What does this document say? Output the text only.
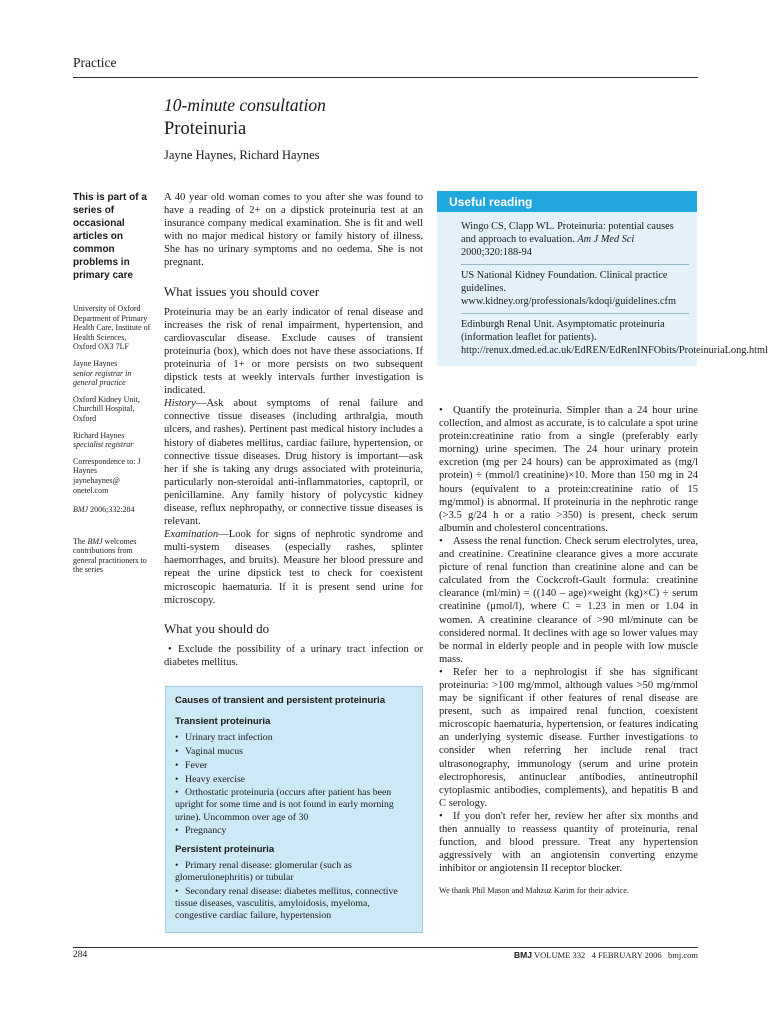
Practice
10-minute consultation
Proteinuria
Jayne Haynes, Richard Haynes
This is part of a series of occasional articles on common problems in primary care
University of Oxford Department of Primary Health Care, Institute of Health Sciences, Oxford OX3 7LF
Jayne Haynes
senior registrar in general practice
Oxford Kidney Unit, Churchill Hospital, Oxford
Richard Haynes
specialist registrar
Correspondence to: J Haynes
jaynehaynes@ onetel.com
BMJ 2006;332:284
The BMJ welcomes contributions from general practitioners to the series

A 40 year old woman comes to you after she was found to have a reading of 2+ on a dipstick proteinuria test at an insurance company medical examination. She is fit and well with no major medical history or family history of illness. She has no urinary symptoms and no oedema. She is not pregnant.

What issues you should cover

Proteinuria may be an early indicator of renal disease and increases the risk of renal impairment, hypertension, and cardiovascular disease. Exclude causes of transient proteinuria (box), which does not have these associations. If proteinuria of 1+ or more persists on two subsequent dipstick tests at weekly intervals further investigation is indicated.

History—Ask about symptoms of renal failure and connective tissue diseases (including arthralgia, mouth ulcers, and rashes). Pertinent past medical history includes a history of diabetes mellitus, cardiac failure, hypertension, or connective tissue diseases. Drug history is important—ask her if she is taking any drugs associated with proteinuria, particularly non-steroidal anti-inflammatories, captopril, or penicillamine. Any family history of polycystic kidney disease, reflux nephropathy, or connective tissue diseases is relevant.

Examination—Look for signs of nephrotic syndrome and multi-system diseases (especially rashes, splinter haemorrhages, and bruits). Measure her blood pressure and repeat the urine dipstick test to check for coexistent microscopic haematuria. If it is present send urine for microscopy.

What you should do

• Exclude the possibility of a urinary tract infection or diabetes mellitus.

Causes of transient and persistent proteinuria
Transient proteinuria
• Urinary tract infection
• Vaginal mucus
• Fever
• Heavy exercise
• Orthostatic proteinuria (occurs after patient has been upright for some time and is not found in early morning urine). Uncommon over age of 30
• Pregnancy
Persistent proteinuria
• Primary renal disease: glomerular (such as glomerulonephritis) or tubular
• Secondary renal disease: diabetes mellitus, connective tissue diseases, vasculitis, amyloidosis, myeloma, congestive cardiac failure, hypertension
Useful reading
Wingo CS, Clapp WL. Proteinuria: potential causes and approach to evaluation. Am J Med Sci 2000;320:188-94
US National Kidney Foundation. Clinical practice guidelines. www.kidney.org/professionals/kdoqi/guidelines.cfm
Edinburgh Renal Unit. Asymptomatic proteinuria (information leaflet for patients). http://renux.dmed.ed.ac.uk/EdREN/EdRenINFObits/ProteinuriaLong.html

• Quantify the proteinuria. Simpler than a 24 hour urine collection, and almost as accurate, is to calculate a spot urine protein:creatinine ratio from a single (preferably early morning) urine specimen. The 24 hour urinary protein excretion (mg per 24 hours) can be approximated as (mg/l protein) ÷ (mmol/l creatinine)×10. More than 150 mg in 24 hours (equivalent to a protein:creatinine ratio of 15 mg/mmol) is abnormal. If proteinuria in the nephrotic range (>3.5 g/24 h or a ratio >350) is present, check serum albumin and cholesterol concentrations.

• Assess the renal function. Check serum electrolytes, urea, and creatinine. Creatinine clearance gives a more accurate picture of renal function than creatinine alone and can be calculated from the Cockcroft-Gault formula: creatinine clearance (ml/min) = ((140 – age)×weight (kg)×C) ÷ serum creatinine (μmol/l), where C = 1.23 in men or 1.04 in women. A creatinine clearance of >90 ml/minute can be considered normal. It declines with age so lower values may be normal in elderly people and in people with low muscle mass.

• Refer her to a nephrologist if she has significant proteinuria: >100 mg/mmol, although values >50 mg/mmol may be significant if other features of renal disease are present, such as impaired renal function, coexistent microscopic haematuria, hypertension, or features indicating an underlying systemic disease. Further investigations to consider when referring her include renal tract ultrasonography, immunology (serum and urine protein electrophoresis, antinuclear antibodies, antineutrophil cytoplasmic antibodies, complements), and hepatitis B and C serology.

• If you don't refer her, review her after six months and then annually to reassess quantity of proteinuria, renal function, and blood pressure. Treat any hypertension aggressively with an angiotensin converting enzyme inhibitor or angiotensin II receptor blocker.

We thank Phil Mason and Mahzuz Karim for their advice.

284	BMJ VOLUME 332 4 FEBRUARY 2006 bmj.com
